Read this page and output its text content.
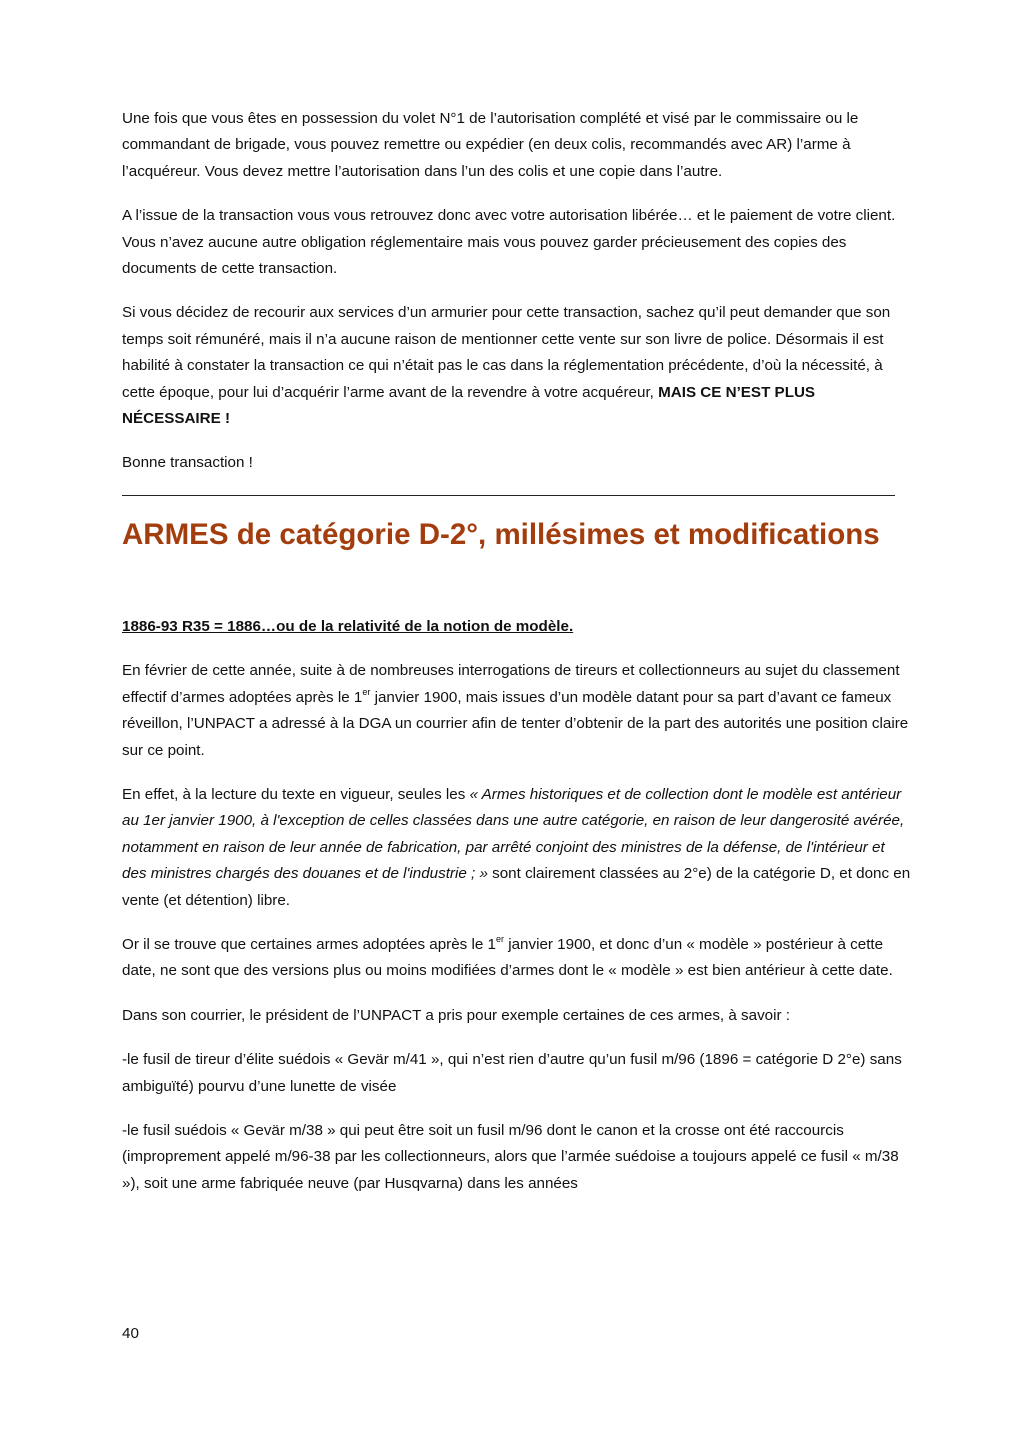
Une fois que vous êtes en possession du volet N°1 de l’autorisation complété et visé par le commissaire ou le commandant de brigade, vous pouvez remettre ou expédier (en deux colis, recommandés avec AR) l’arme à l’acquéreur. Vous devez mettre l’autorisation dans l’un des colis et une copie dans l’autre.

A l’issue de la transaction vous vous retrouvez donc avec votre autorisation libérée… et le paiement de votre client. Vous n’avez aucune autre obligation réglementaire mais vous pouvez garder précieusement des copies des documents de cette transaction.

Si vous décidez de recourir aux services d’un armurier pour cette transaction, sachez qu’il peut demander que son temps soit rémunéré, mais il n’a aucune raison de mentionner cette vente sur son livre de police. Désormais il est habilité à constater la transaction ce qui n’était pas le cas dans la réglementation précédente, d’où la nécessité, à cette époque, pour lui d’acquérir l’arme avant de la revendre à votre acquéreur, MAIS CE N’EST PLUS NÉCESSAIRE !

Bonne transaction !

ARMES de catégorie D-2°, millésimes et modifications

1886-93 R35 = 1886…ou de la relativité de la notion de modèle.

En février de cette année, suite à de nombreuses interrogations de tireurs et collectionneurs au sujet du classement effectif d’armes adoptées après le 1er janvier 1900, mais issues d’un modèle datant pour sa part d’avant ce fameux réveillon, l’UNPACT a adressé à la DGA un courrier afin de tenter d’obtenir de la part des autorités une position claire sur ce point.

En effet, à la lecture du texte en vigueur, seules les « Armes historiques et de collection dont le modèle est antérieur au 1er janvier 1900, à l'exception de celles classées dans une autre catégorie, en raison de leur dangerosité avérée, notamment en raison de leur année de fabrication, par arrêté conjoint des ministres de la défense, de l'intérieur et des ministres chargés des douanes et de l'industrie ; » sont clairement classées au 2°e) de la catégorie D, et donc en vente (et détention) libre.

Or il se trouve que certaines armes adoptées après le 1er janvier 1900, et donc d’un « modèle » postérieur à cette date, ne sont que des versions plus ou moins modifiées d’armes dont le « modèle » est bien antérieur à cette date.

Dans son courrier, le président de l’UNPACT a pris pour exemple certaines de ces armes, à savoir :

-le fusil de tireur d’élite suédois « Gevär m/41 », qui n’est rien d’autre qu’un fusil m/96 (1896 = catégorie D 2°e) sans ambiguïté) pourvu d’une lunette de visée

-le fusil suédois « Gevär m/38 » qui peut être soit un fusil m/96 dont le canon et la crosse ont été raccourcis (improprement appelé m/96-38 par les collectionneurs, alors que l’armée suédoise a toujours appelé ce fusil « m/38 »), soit une arme fabriquée neuve (par Husqvarna) dans les années

40
